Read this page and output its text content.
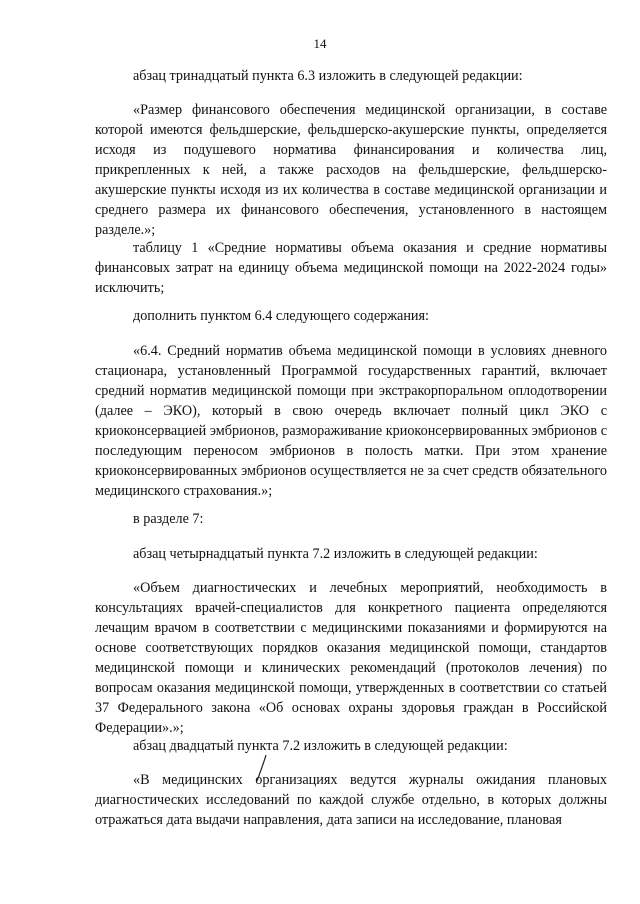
14
абзац тринадцатый пункта 6.3 изложить в следующей редакции:
«Размер финансового обеспечения медицинской организации, в составе которой имеются фельдшерские, фельдшерско-акушерские пункты, определяется исходя из подушевого норматива финансирования и количества лиц, прикрепленных к ней, а также расходов на фельдшерские, фельдшерско-акушерские пункты исходя из их количества в составе медицинской организации и среднего размера их финансового обеспечения, установленного в настоящем разделе.»;
таблицу 1 «Средние нормативы объема оказания и средние нормативы финансовых затрат на единицу объема медицинской помощи на 2022-2024 годы» исключить;
дополнить пунктом 6.4 следующего содержания:
«6.4. Средний норматив объема медицинской помощи в условиях дневного стационара, установленный Программой государственных гарантий, включает средний норматив медицинской помощи при экстракорпоральном оплодотворении (далее – ЭКО), который в свою очередь включает полный цикл ЭКО с криоконсервацией эмбрионов, размораживание криоконсервированных эмбрионов с последующим переносом эмбрионов в полость матки. При этом хранение криоконсервированных эмбрионов осуществляется не за счет средств обязательного медицинского страхования.»;
в разделе 7:
абзац четырнадцатый пункта 7.2 изложить в следующей редакции:
«Объем диагностических и лечебных мероприятий, необходимость в консультациях врачей-специалистов для конкретного пациента определяются лечащим врачом в соответствии с медицинскими показаниями и формируются на основе соответствующих порядков оказания медицинской помощи, стандартов медицинской помощи и клинических рекомендаций (протоколов лечения) по вопросам оказания медицинской помощи, утвержденных в соответствии со статьей 37 Федерального закона «Об основах охраны здоровья граждан в Российской Федерации».»;
абзац двадцатый пункта 7.2 изложить в следующей редакции:
«В медицинских организациях ведутся журналы ожидания плановых диагностических исследований по каждой службе отдельно, в которых должны отражаться дата выдачи направления, дата записи на исследование, плановая
